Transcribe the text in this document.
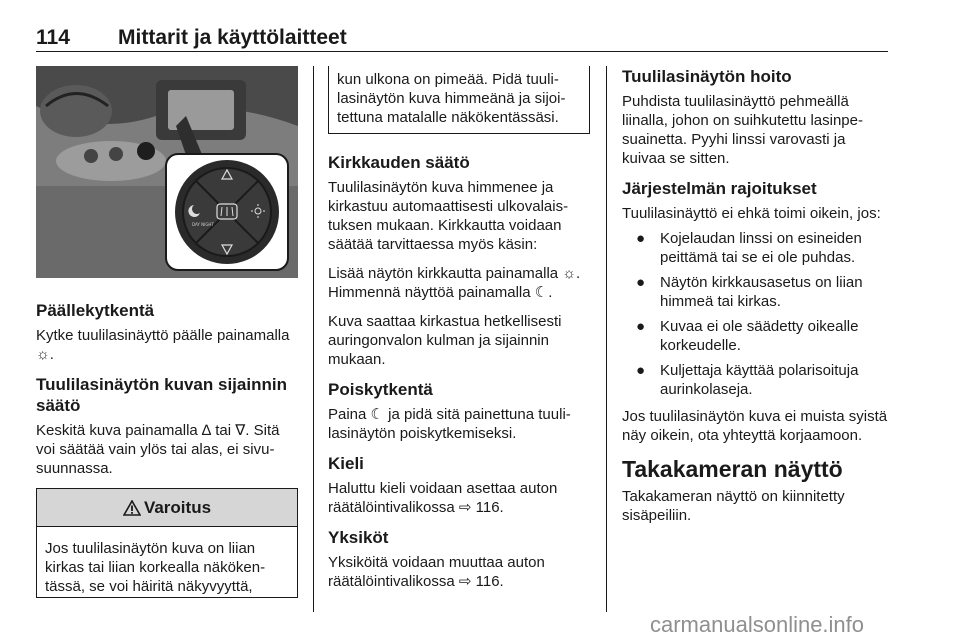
114 Mittarit ja käyttölaitteet
DAY NIGHT
Päällekytkentä

Kytke tuulilasinäyttö päälle painamalla ☼.

Tuulilasinäytön kuvan sijainnin säätö

Keskitä kuva painamalla ∆ tai ∇. Sitä voi säätää vain ylös tai alas, ei sivusuunnassa.

Varoitus
Jos tuulilasinäytön kuva on liian kirkas tai liian korkealla näkökentässä, se voi häiritä näkyvyyttä,
kun ulkona on pimeää. Pidä tuulilasinäytön kuva himmeänä ja sijoitettuna matalalle näkökentässäsi.
Kirkkauden säätö

Tuulilasinäytön kuva himmenee ja kirkastuu automaattisesti ulkovalaistuksen mukaan. Kirkkautta voidaan säätää tarvittaessa myös käsin:

Lisää näytön kirkkautta painamalla ☼. Himmennä näyttöä painamalla ☾.

Kuva saattaa kirkastua hetkellisesti auringonvalon kulman ja sijainnin mukaan.

Poiskytkentä

Paina ☾ ja pidä sitä painettuna tuulilasinäytön poiskytkemiseksi.

Kieli

Haluttu kieli voidaan asettaa auton räätälöintivalikossa ⇨ 116.

Yksiköt

Yksiköitä voidaan muuttaa auton räätälöintivalikossa ⇨ 116.

Tuulilasinäytön hoito

Puhdista tuulilasinäyttö pehmeällä liinalla, johon on suihkutettu lasinpesuainetta. Pyyhi linssi varovasti ja kuivaa se sitten.

Järjestelmän rajoitukset

Tuulilasinäyttö ei ehkä toimi oikein, jos:

● Kojelaudan linssi on esineiden peittämä tai se ei ole puhdas.
● Näytön kirkkausasetus on liian himmeä tai kirkas.
● Kuvaa ei ole säädetty oikealle korkeudelle.
● Kuljettaja käyttää polarisoituja aurinkolaseja.

Jos tuulilasinäytön kuva ei muista syistä näy oikein, ota yhteyttä korjaamoon.

Takakameran näyttö

Takakameran näyttö on kiinnitetty sisäpeiliin.

carmanualsonline.info
